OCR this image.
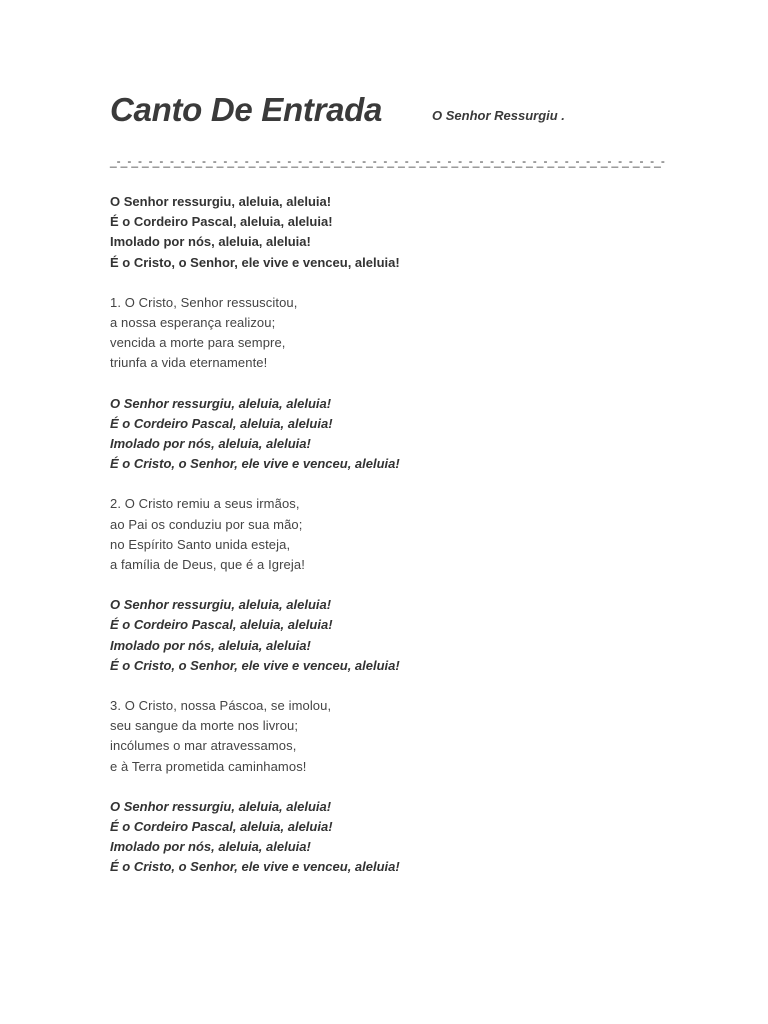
Canto De Entrada	O Senhor Ressurgiu .
_-_-_-_-_-_-_-_-_-_-_-_-_-_-_-_-_-_-_-_-_-_-_-_-_-_-_-_-_-_-_-_-_-_-_-_-_-_-_-_-_-_-_-_-_-_-_-_-_-_-_-_-
O Senhor ressurgiu, aleluia, aleluia!
É o Cordeiro Pascal, aleluia, aleluia!
Imolado por nós, aleluia, aleluia!
É o Cristo, o Senhor, ele vive e venceu, aleluia!
1. O Cristo, Senhor ressuscitou,
a nossa esperança realizou;
vencida a morte para sempre,
triunfa a vida eternamente!
O Senhor ressurgiu, aleluia, aleluia!
É o Cordeiro Pascal, aleluia, aleluia!
Imolado por nós, aleluia, aleluia!
É o Cristo, o Senhor, ele vive e venceu, aleluia!
2. O Cristo remiu a seus irmãos,
ao Pai os conduziu por sua mão;
no Espírito Santo unida esteja,
a família de Deus, que é a Igreja!
O Senhor ressurgiu, aleluia, aleluia!
É o Cordeiro Pascal, aleluia, aleluia!
Imolado por nós, aleluia, aleluia!
É o Cristo, o Senhor, ele vive e venceu, aleluia!
3. O Cristo, nossa Páscoa, se imolou,
seu sangue da morte nos livrou;
incólumes o mar atravessamos,
e à Terra prometida caminhamos!
O Senhor ressurgiu, aleluia, aleluia!
É o Cordeiro Pascal, aleluia, aleluia!
Imolado por nós, aleluia, aleluia!
É o Cristo, o Senhor, ele vive e venceu, aleluia!
